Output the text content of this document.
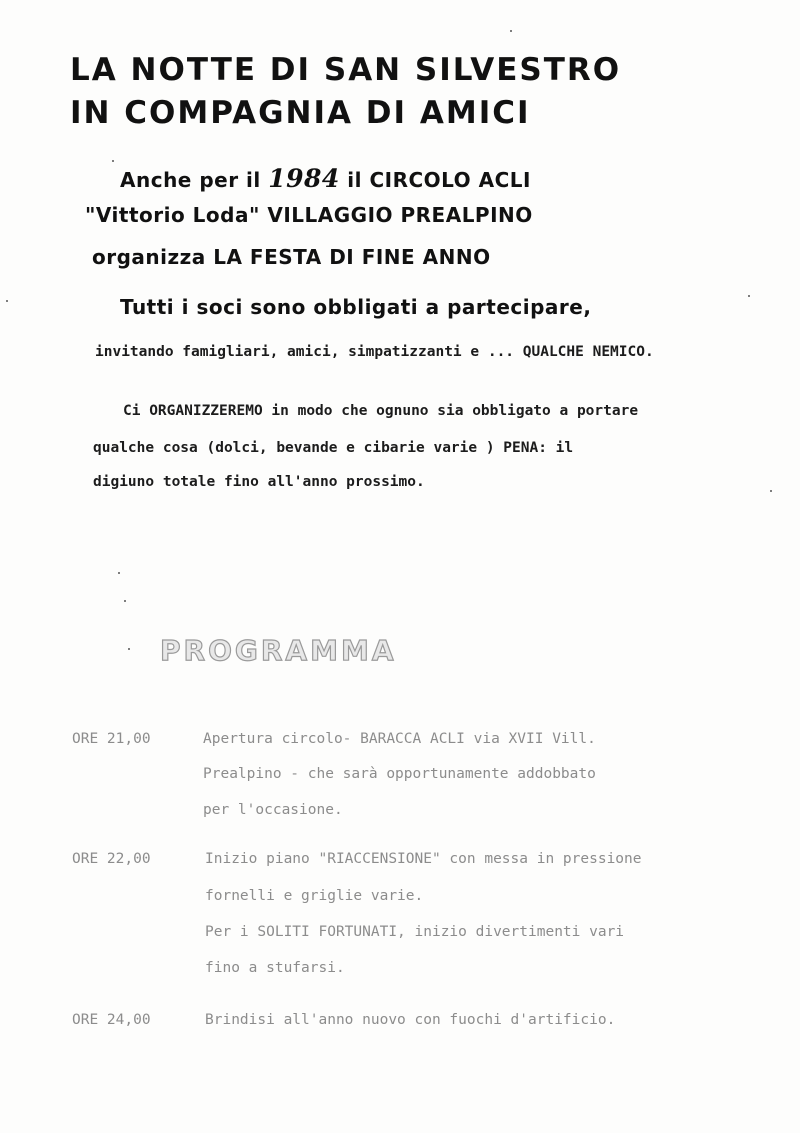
LA NOTTE DI SAN SILVESTRO
IN COMPAGNIA DI AMICI
Anche per il 1984 il CIRCOLO ACLI
"Vittorio Loda" VILLAGGIO PREALPINO
organizza LA FESTA DI FINE ANNO
Tutti i soci sono obbligati a partecipare,
invitando famigliari, amici, simpatizzanti e ... QUALCHE NEMICO.
Ci ORGANIZZEREMO in modo che ognuno sia obbligato a portare
qualche cosa (dolci, bevande e cibarie varie ) PENA: il
digiuno totale fino all'anno prossimo.
PROGRAMMA
ORE 21,00	Apertura circolo- BARACCA ACLI via XVII Vill.
Prealpino - che sarà opportunamente addobbato
per l'occasione.
ORE 22,00	Inizio piano "RIACCENSIONE" con messa in pressione
fornelli e griglie varie.
Per i SOLITI FORTUNATI, inizio divertimenti vari
fino a stufarsi.
ORE 24,00	Brindisi all'anno nuovo con fuochi d'artificio.
